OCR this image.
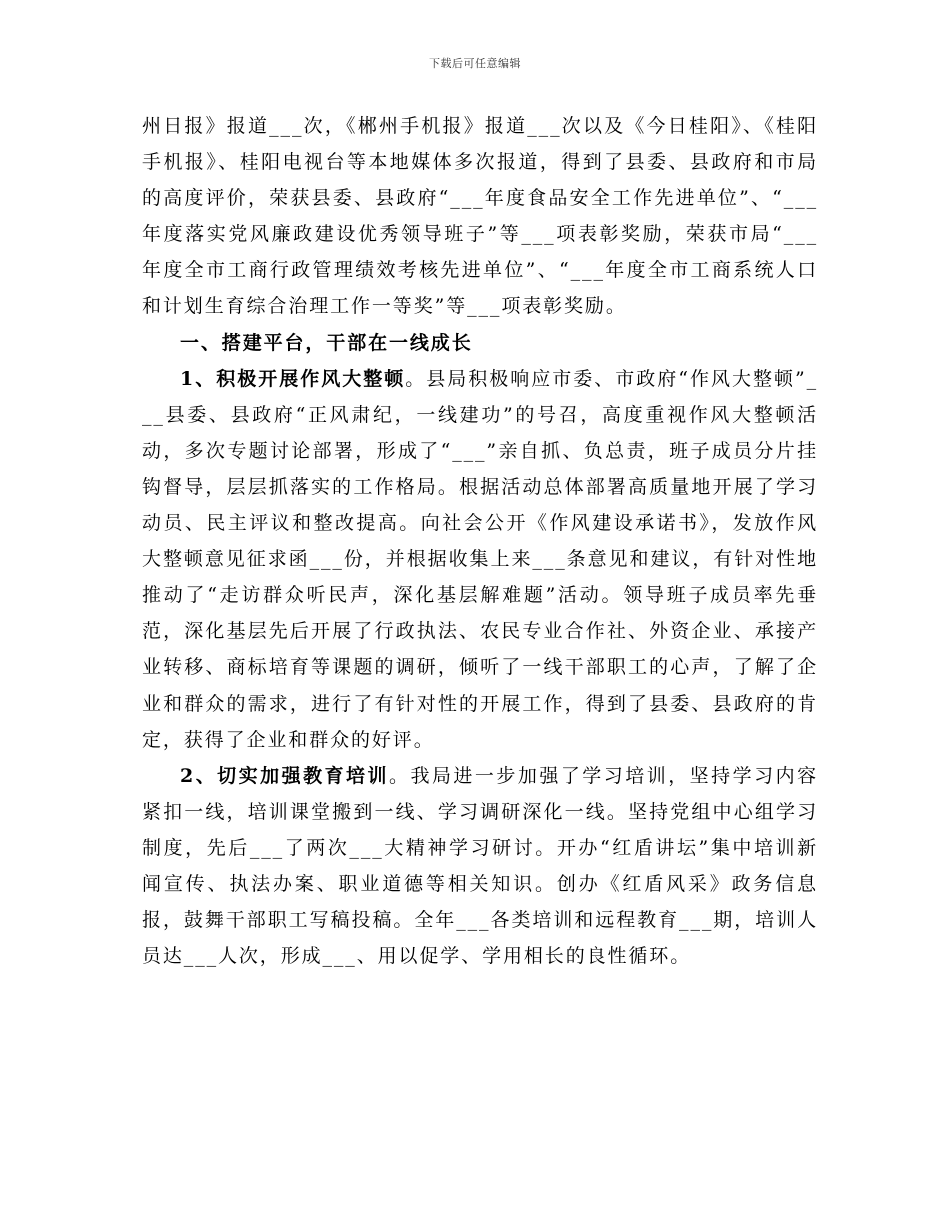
下载后可任意编辑

州日报》报道___次，《郴州手机报》报道___次以及《今日桂阳》、《桂阳手机报》、桂阳电视台等本地媒体多次报道，得到了县委、县政府和市局的高度评价，荣获县委、县政府“___年度食品安全工作先进单位”、“___年度落实党风廉政建设优秀领导班子”等___项表彰奖励，荣获市局“___年度全市工商行政管理绩效考核先进单位”、“___年度全市工商系统人口和计划生育综合治理工作一等奖”等___项表彰奖励。

一、搭建平台，干部在一线成长

1、积极开展作风大整顿。县局积极响应市委、市政府“作风大整顿”___县委、县政府“正风肃纪，一线建功”的号召，高度重视作风大整顿活动，多次专题讨论部署，形成了“___”亲自抓、负总责，班子成员分片挂钩督导，层层抓落实的工作格局。根据活动总体部署高质量地开展了学习动员、民主评议和整改提高。向社会公开《作风建设承诺书》，发放作风大整顿意见征求函___份，并根据收集上来___条意见和建议，有针对性地推动了“走访群众听民声，深化基层解难题”活动。领导班子成员率先垂范，深化基层先后开展了行政执法、农民专业合作社、外资企业、承接产业转移、商标培育等课题的调研，倾听了一线干部职工的心声，了解了企业和群众的需求，进行了有针对性的开展工作，得到了县委、县政府的肯定，获得了企业和群众的好评。

2、切实加强教育培训。我局进一步加强了学习培训，坚持学习内容紧扣一线，培训课堂搬到一线、学习调研深化一线。坚持党组中心组学习制度，先后___了两次___大精神学习研讨。开办“红盾讲坛”集中培训新闻宣传、执法办案、职业道德等相关知识。创办《红盾风采》政务信息报，鼓舞干部职工写稿投稿。全年___各类培训和远程教育___期，培训人员达___人次，形成___、用以促学、学用相长的良性循环。
